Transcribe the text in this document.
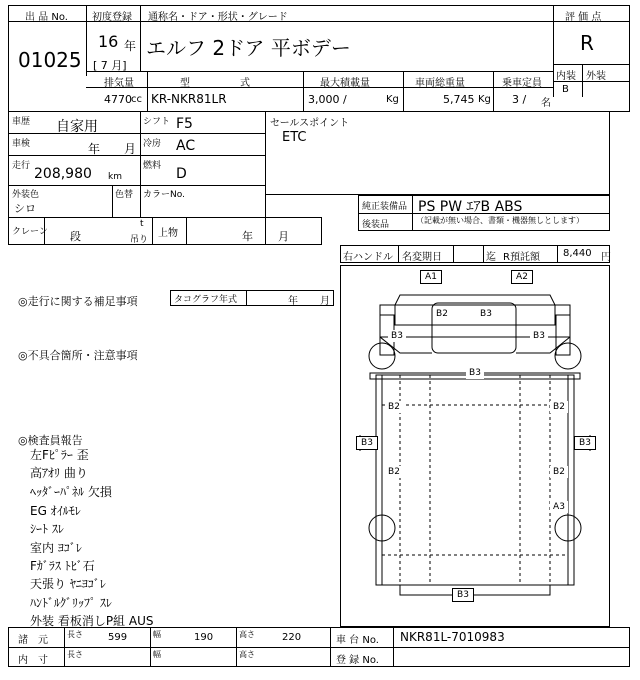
出 品 No.
01025
初度登録 通称名・ドア・形状・グレード
16 年
[ 7 月]
エルフ 2ドア 平ボデー
評 価 点
R
内装 外装
B
排気量	型　　　　　式	最大積載量	車両総重量	乗車定員
4770 cc KR-NKR81LR	3,000 /	Kg	5,745 Kg 3 / 名
セールスポイント
ETC
車歴 自家用	シフト F5
車検	年 月 冷房 AC
走行 208,980 km
燃料 D
外装色
シロ
色替 カラーNo.
クレーン 段
t
吊り
上物	年 月
純正装備品 PS PW ｴｱB ABS
後装品	（記載が無い場合、書類・機器無しとします）
右ハンドル 名変期日	迄 R預託額 8,440 円
◎走行に関する補足事項	タコグラフ年式	年 月
◎不具合箇所・注意事項
◎検査員報告
左Fﾋﾟﾗｰ 歪
高ｱｵﾘ 曲り
ﾍｯﾀﾞｰﾊﾟﾈﾙ 欠損
EG ｵｲﾙﾓﾚ
ｼｰﾄ ｽﾚ
室内 ﾖｺﾞﾚ
Fｶﾞﾗｽ ﾄﾋﾞ石
天張り ﾔﾆﾖｺﾞﾚ
ﾊﾝﾄﾞﾙｸﾞﾘｯﾌﾟ ｽﾚ
外装 看板消しP組 AUS
A1	A2
B2	B3
B3	B3
B3
B2	B2
B3	B3
B2	B2
A3
B3
諸　元
長さ	599	幅	190	高さ	220	車 台 No. NKR81L-7010983
内　寸
長さ	幅	高さ
登 録 No.
